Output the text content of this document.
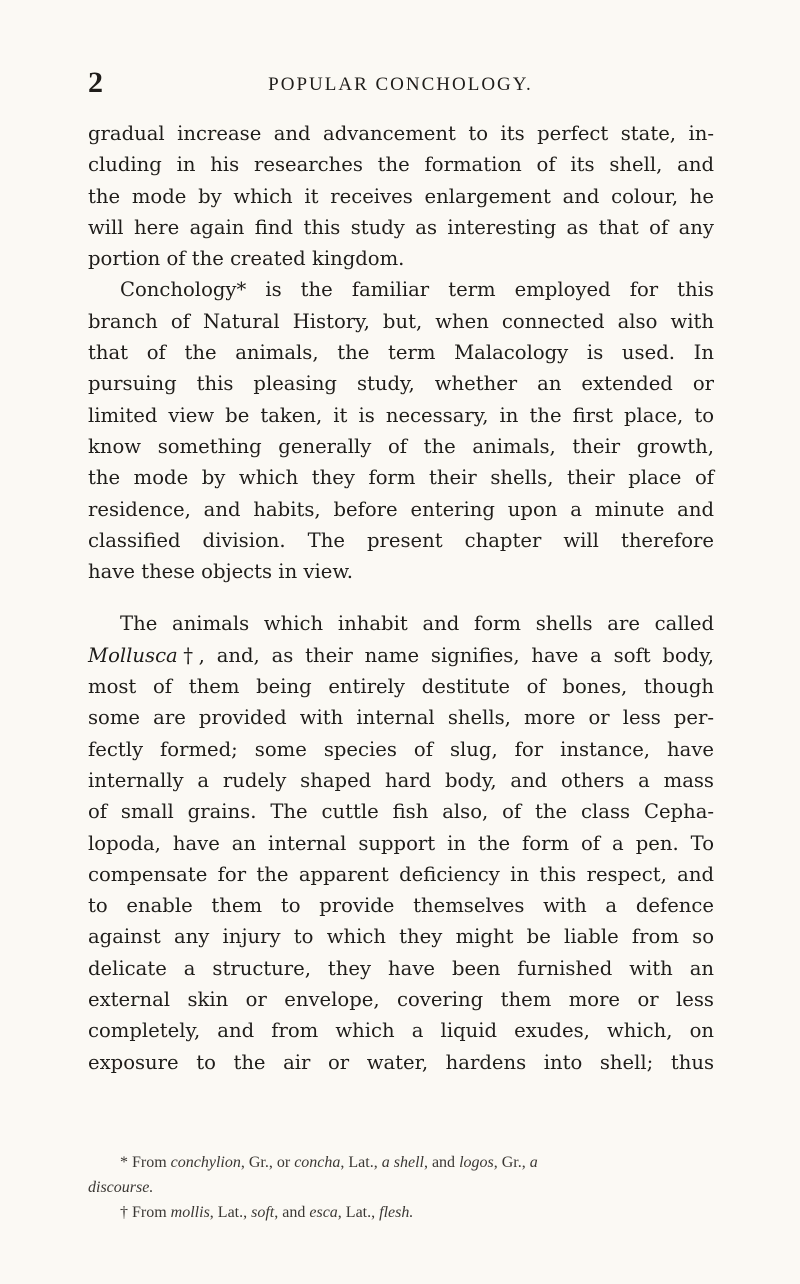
2	POPULAR CONCHOLOGY.

gradual increase and advancement to its perfect state, in-
cluding in his researches the formation of its shell, and
the mode by which it receives enlargement and colour, he
will here again find this study as interesting as that of any
portion of the created kingdom.

Conchology* is the familiar term employed for this
branch of Natural History, but, when connected also with
that of the animals, the term Malacology is used. In
pursuing this pleasing study, whether an extended or
limited view be taken, it is necessary, in the first place, to
know something generally of the animals, their growth,
the mode by which they form their shells, their place of
residence, and habits, before entering upon a minute and
classified division. The present chapter will therefore
have these objects in view.

The animals which inhabit and form shells are called
Mollusca†, and, as their name signifies, have a soft body,
most of them being entirely destitute of bones, though
some are provided with internal shells, more or less per-
fectly formed; some species of slug, for instance, have
internally a rudely shaped hard body, and others a mass
of small grains. The cuttle fish also, of the class Cepha-
lopoda, have an internal support in the form of a pen. To
compensate for the apparent deficiency in this respect, and
to enable them to provide themselves with a defence
against any injury to which they might be liable from so
delicate a structure, they have been furnished with an
external skin or envelope, covering them more or less
completely, and from which a liquid exudes, which, on
exposure to the air or water, hardens into shell; thus

* From conchylion, Gr., or concha, Lat., a shell, and logos, Gr., a
discourse.
† From mollis, Lat., soft, and esca, Lat., flesh.
